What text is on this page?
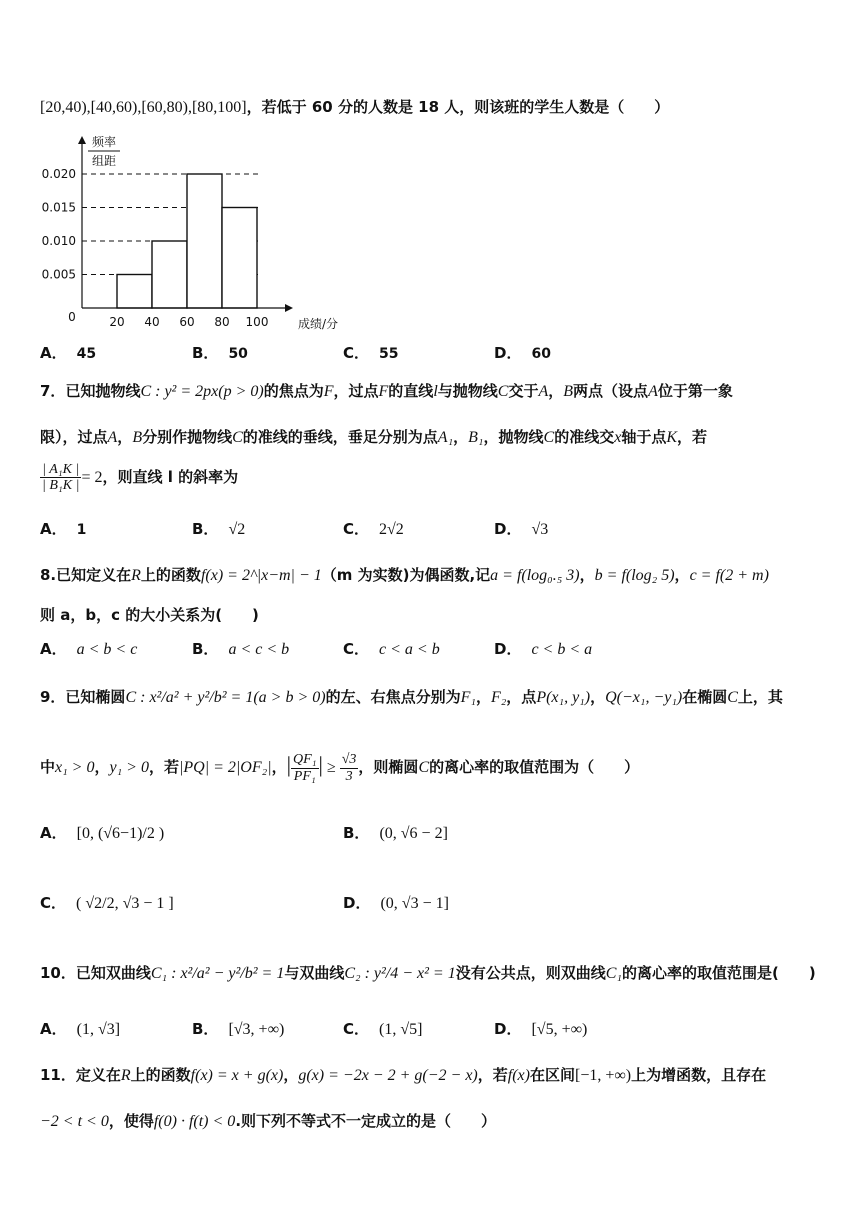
[20,40),[40,60),[60,80),[80,100]，若低于 60 分的人数是 18 人，则该班的学生人数是（　　）
0.005
0.010
0.015
0.020
20 40 60 80 100
0	成绩/分
频率
组距
A． 45	B． 50	C． 55	D． 60
7．已知抛物线C : y² = 2px(p > 0)的焦点为F，过点F的直线l与抛物线C交于A，B两点（设点A位于第一象
限），过点A，B分别作抛物线C的准线的垂线，垂足分别为点A₁，B₁，抛物线C的准线交x轴于点K，若
$\frac{\text{| A₁K |}}{\text{| B₁K |}} = 2$，则直线 l 的斜率为
A． 1	B． √2	C． 2√2	D． √3
8.已知定义在R上的函数f(x) = 2^|x−m| − 1（m 为实数)为偶函数,记a = f(log₀.₅ 3)，b = f(log₂ 5)，c = f(2 + m)
则 a，b，c 的大小关系为(　　)
A． a < b < c	B． a < c < b	C． c < a < b	D． c < b < a
9．已知椭圆C : x²/a² + y²/b² = 1(a > b > 0)的左、右焦点分别为F₁，F₂，点P(x₁, y₁)，Q(−x₁, −y₁)在椭圆C上，其
中x₁ > 0，y₁ > 0，若|PQ| = 2|OF₂|，| $\frac{\text{QF₁}}{\text{PF₁}}$ | ≥ $\frac{√3}{3}$ ，则椭圆C的离心率的取值范围为（　　）
A． [0, (√6−1)/2 )	B． (0, √6 − 2]
C． ( √2/2, √3 − 1 ]	D． (0, √3 − 1]
10．已知双曲线C₁ : x²/a² − y²/b² = 1与双曲线C₂ : y²/4 − x² = 1没有公共点，则双曲线C₁的离心率的取值范围是(　　)
A． (1, √3]	B． [√3, +∞)	C． (1, √5]	D． [√5, +∞)
11．定义在R上的函数f(x) = x + g(x)，g(x) = −2x − 2 + g(−2 − x)，若f(x)在区间[−1, +∞)上为增函数，且存在
−2 < t < 0，使得f(0) · f(t) < 0.则下列不等式不一定成立的是（　　）
